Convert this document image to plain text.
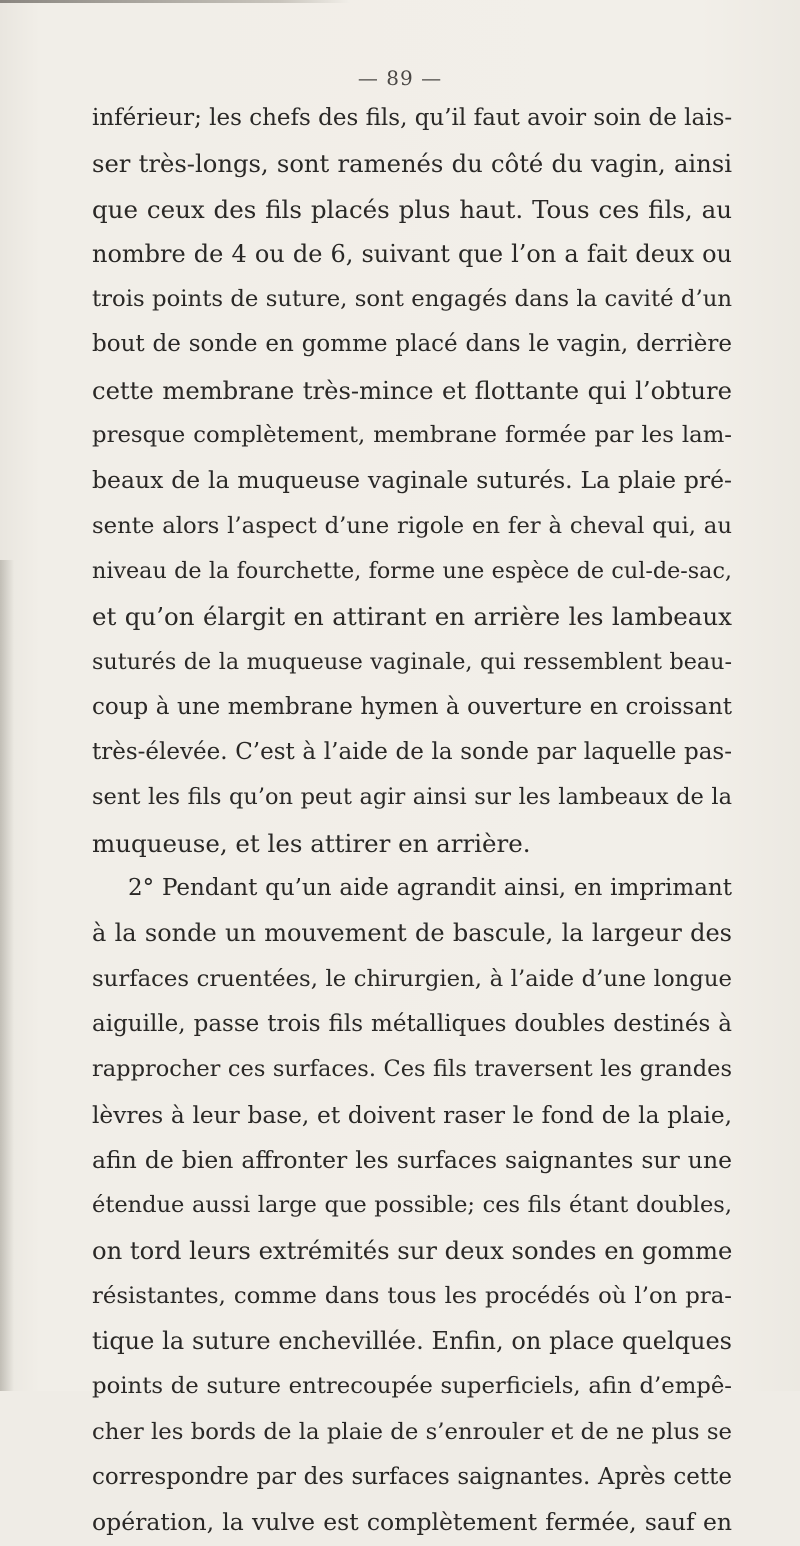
— 89 —
inférieur; les chefs des fils, qu’il faut avoir soin de lais-
ser très-longs, sont ramenés du côté du vagin, ainsi
que ceux des fils placés plus haut. Tous ces fils, au
nombre de 4 ou de 6, suivant que l’on a fait deux ou
trois points de suture, sont engagés dans la cavité d’un
bout de sonde en gomme placé dans le vagin, derrière
cette membrane très-mince et flottante qui l’obture
presque complètement, membrane formée par les lam-
beaux de la muqueuse vaginale suturés. La plaie pré-
sente alors l’aspect d’une rigole en fer à cheval qui, au
niveau de la fourchette, forme une espèce de cul-de-sac,
et qu’on élargit en attirant en arrière les lambeaux
suturés de la muqueuse vaginale, qui ressemblent beau-
coup à une membrane hymen à ouverture en croissant
très-élevée. C’est à l’aide de la sonde par laquelle pas-
sent les fils qu’on peut agir ainsi sur les lambeaux de la
muqueuse, et les attirer en arrière.
2° Pendant qu’un aide agrandit ainsi, en imprimant
à la sonde un mouvement de bascule, la largeur des
surfaces cruentées, le chirurgien, à l’aide d’une longue
aiguille, passe trois fils métalliques doubles destinés à
rapprocher ces surfaces. Ces fils traversent les grandes
lèvres à leur base, et doivent raser le fond de la plaie,
afin de bien affronter les surfaces saignantes sur une
étendue aussi large que possible; ces fils étant doubles,
on tord leurs extrémités sur deux sondes en gomme
résistantes, comme dans tous les procédés où l’on pra-
tique la suture enchevillée. Enfin, on place quelques
points de suture entrecoupée superficiels, afin d’empê-
cher les bords de la plaie de s’enrouler et de ne plus se
correspondre par des surfaces saignantes. Après cette
opération, la vulve est complètement fermée, sauf en
